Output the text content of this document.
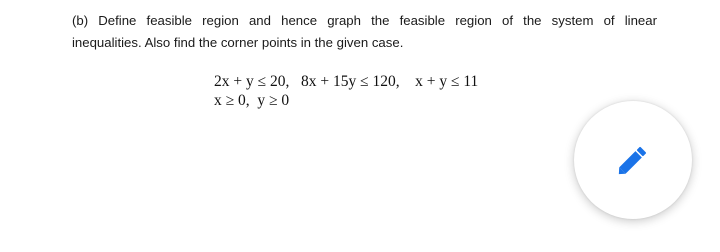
(b) Define feasible region and hence graph the feasible region of the system of linear
inequalities. Also find the corner points in the given case.
2x + y ≤ 20,   8x + 15y ≤ 120,    x + y ≤ 11
x ≥ 0,  y ≥ 0
